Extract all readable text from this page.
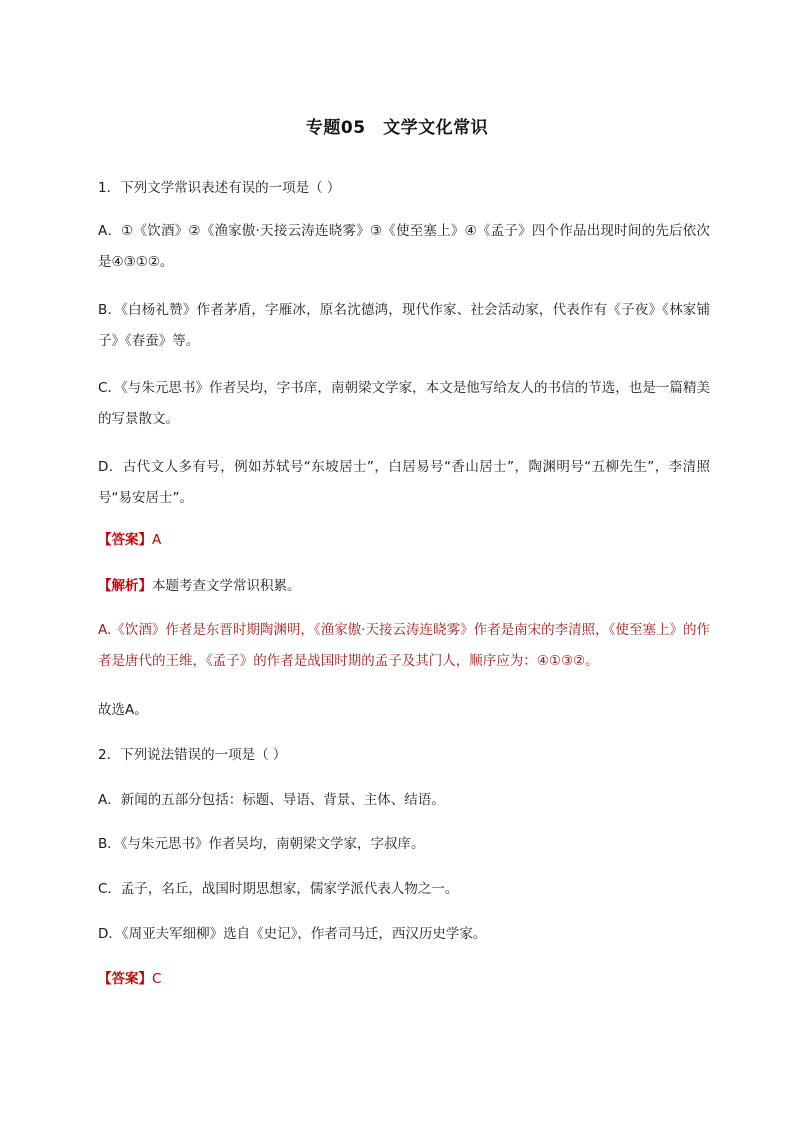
专题05　文学文化常识
1．下列文学常识表述有误的一项是（ ）
A．①《饮酒》②《渔家傲·天接云涛连晓雾》③《使至塞上》④《孟子》四个作品出现时间的先后依次是④③①②。
B．《白杨礼赞》作者茅盾，字雁冰，原名沈德鸿，现代作家、社会活动家，代表作有《子夜》《林家铺子》《春蚕》等。
C．《与朱元思书》作者吴均，字书庠，南朝梁文学家，本文是他写给友人的书信的节选，也是一篇精美的写景散文。
D．古代文人多有号，例如苏轼号“东坡居士”，白居易号“香山居士”，陶渊明号“五柳先生”，李清照号“易安居士”。
【答案】A
【解析】本题考查文学常识积累。
A.《饮酒》作者是东晋时期陶渊明，《渔家傲·天接云涛连晓雾》作者是南宋的李清照，《使至塞上》的作者是唐代的王维，《孟子》的作者是战国时期的孟子及其门人，顺序应为：④①③②。
故选A。
2．下列说法错误的一项是（ ）
A．新闻的五部分包括：标题、导语、背景、主体、结语。
B．《与朱元思书》作者吴均，南朝梁文学家，字叔庠。
C．孟子，名丘，战国时期思想家，儒家学派代表人物之一。
D．《周亚夫军细柳》选自《史记》，作者司马迁，西汉历史学家。
【答案】C
